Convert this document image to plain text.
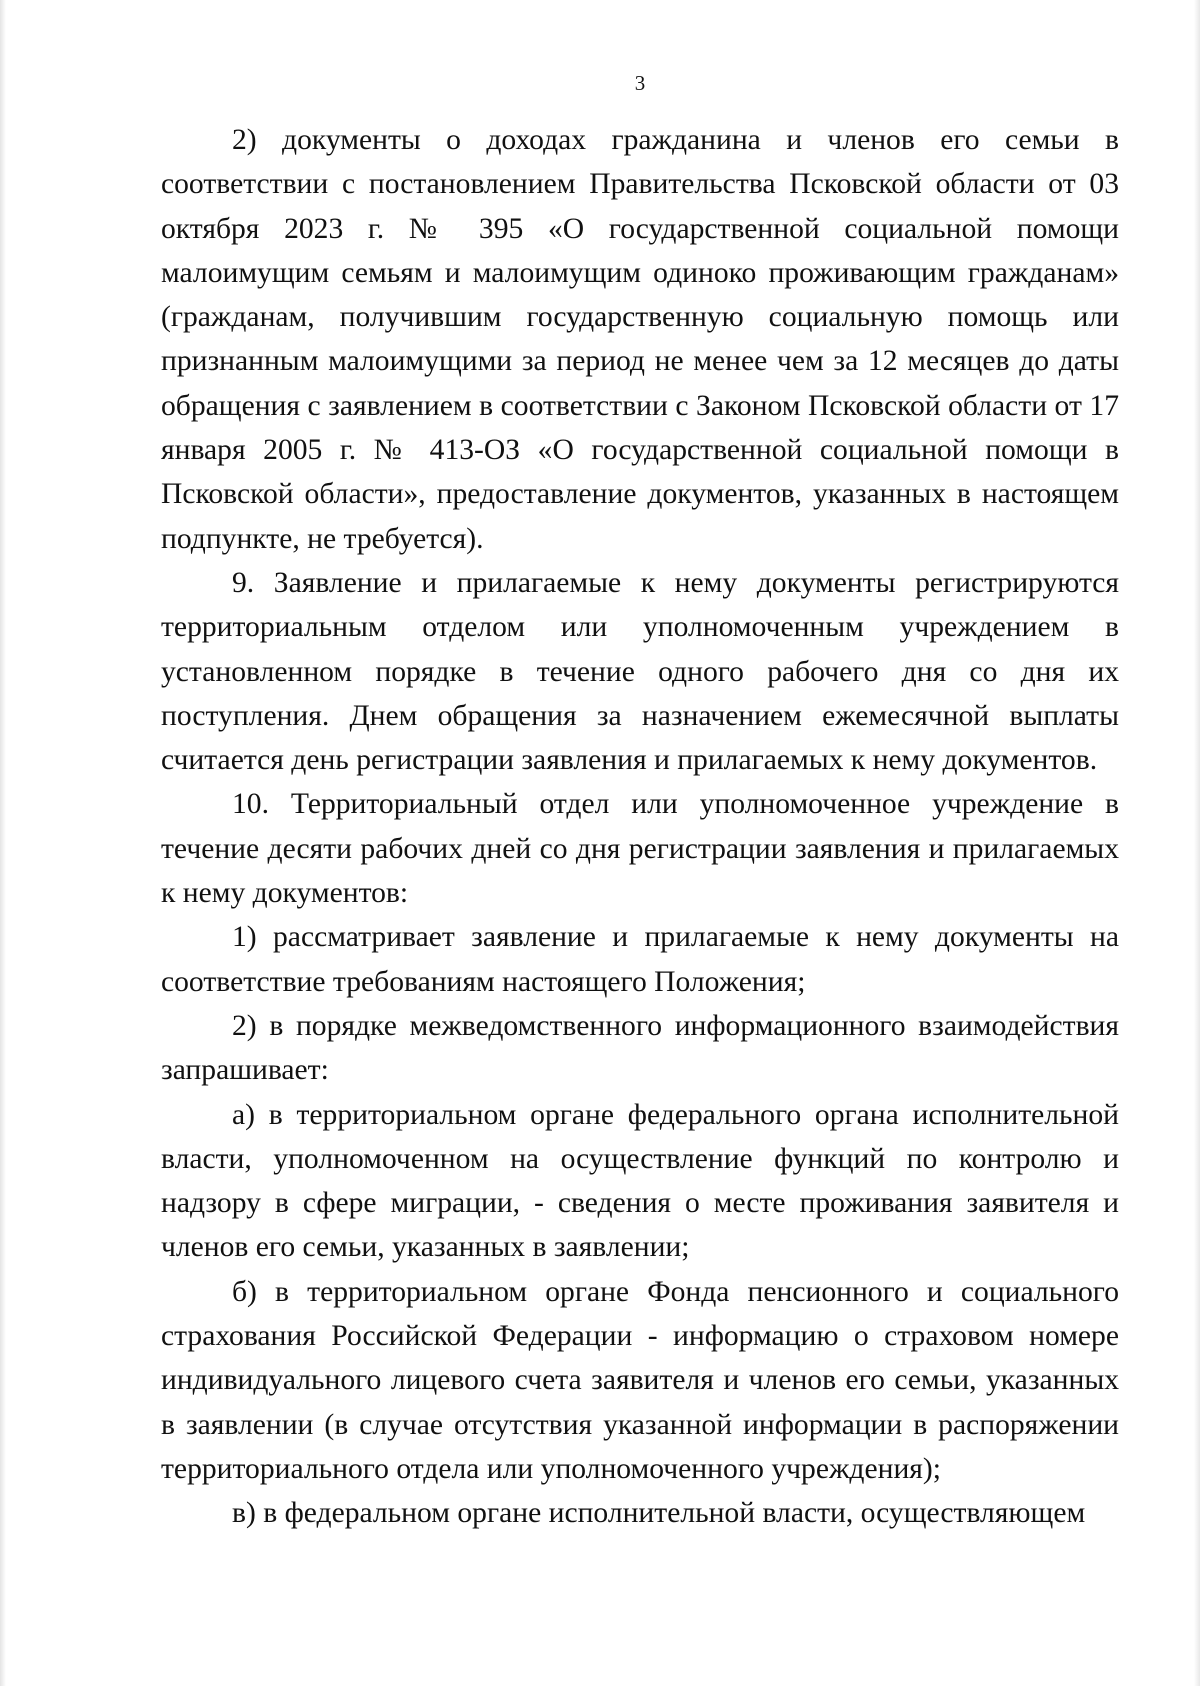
3

2) документы о доходах гражданина и членов его семьи в соответствии с постановлением Правительства Псковской области от 03 октября 2023 г. № 395 «О государственной социальной помощи малоимущим семьям и малоимущим одиноко проживающим гражданам» (гражданам, получившим государственную социальную помощь или признанным малоимущими за период не менее чем за 12 месяцев до даты обращения с заявлением в соответствии с Законом Псковской области от 17 января 2005 г. № 413-ОЗ «О государственной социальной помощи в Псковской области», предоставление документов, указанных в настоящем подпункте, не требуется).

9. Заявление и прилагаемые к нему документы регистрируются территориальным отделом или уполномоченным учреждением в установленном порядке в течение одного рабочего дня со дня их поступления. Днем обращения за назначением ежемесячной выплаты считается день регистрации заявления и прилагаемых к нему документов.

10. Территориальный отдел или уполномоченное учреждение в течение десяти рабочих дней со дня регистрации заявления и прилагаемых к нему документов:

1) рассматривает заявление и прилагаемые к нему документы на соответствие требованиям настоящего Положения;

2) в порядке межведомственного информационного взаимодействия запрашивает:

а) в территориальном органе федерального органа исполнительной власти, уполномоченном на осуществление функций по контролю и надзору в сфере миграции, - сведения о месте проживания заявителя и членов его семьи, указанных в заявлении;

б) в территориальном органе Фонда пенсионного и социального страхования Российской Федерации - информацию о страховом номере индивидуального лицевого счета заявителя и членов его семьи, указанных в заявлении (в случае отсутствия указанной информации в распоряжении территориального отдела или уполномоченного учреждения);

в) в федеральном органе исполнительной власти, осуществляющем
